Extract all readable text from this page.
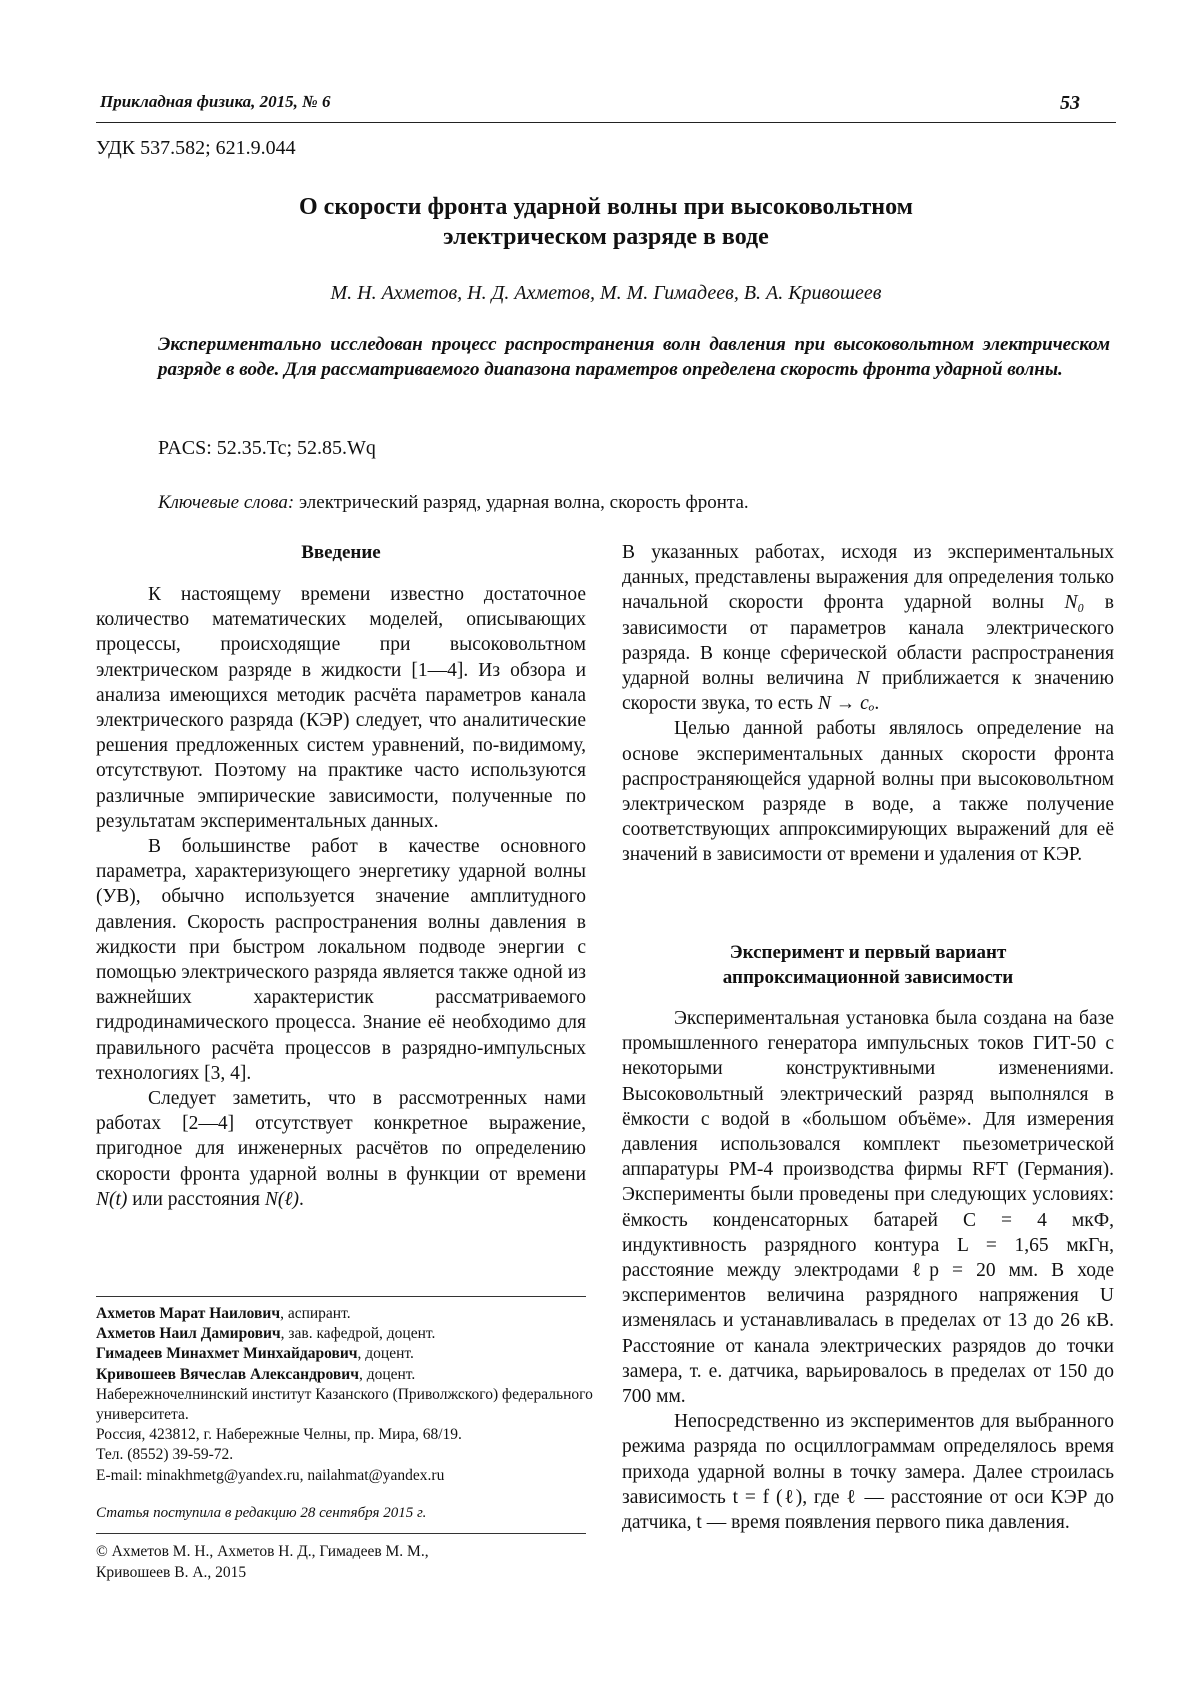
Прикладная физика, 2015, № 6	53
УДК 537.582; 621.9.044
О скорости фронта ударной волны при высоковольтном
электрическом разряде в воде
М. Н. Ахметов, Н. Д. Ахметов, М. М. Гимадеев, В. А. Кривошеев
Экспериментально исследован процесс распространения волн давления при высоковольтном электрическом разряде в воде. Для рассматриваемого диапазона параметров определена скорость фронта ударной волны.
PACS: 52.35.Tc; 52.85.Wq
Ключевые слова: электрический разряд, ударная волна, скорость фронта.
Введение

К настоящему времени известно достаточное количество математических моделей, описывающих процессы, происходящие при высоковольтном электрическом разряде в жидкости [1—4]. Из обзора и анализа имеющихся методик расчёта параметров канала электрического разряда (КЭР) следует, что аналитические решения предложенных систем уравнений, по-видимому, отсутствуют. Поэтому на практике часто используются различные эмпирические зависимости, полученные по результатам экспериментальных данных.

В большинстве работ в качестве основного параметра, характеризующего энергетику ударной волны (УВ), обычно используется значение амплитудного давления. Скорость распространения волны давления в жидкости при быстром локальном подводе энергии с помощью электрического разряда является также одной из важнейших характеристик рассматриваемого гидродинамического процесса. Знание её необходимо для правильного расчёта процессов в разрядно-импульсных технологиях [3, 4].

Следует заметить, что в рассмотренных нами работах [2—4] отсутствует конкретное выражение, пригодное для инженерных расчётов по определению скорости фронта ударной волны в функции от времени N(t) или расстояния N(ℓ).

Ахметов Марат Наилович, аспирант.
Ахметов Наил Дамирович, зав. кафедрой, доцент.
Гимадеев Минахмет Минхайдарович, доцент.
Кривошеев Вячеслав Александрович, доцент.
Набережночелнинский институт Казанского (Приволжского) федерального университета.
Россия, 423812, г. Набережные Челны, пр. Мира, 68/19.
Тел. (8552) 39-59-72.
E-mail: minakhmetg@yandex.ru, nailahmat@yandex.ru
Статья поступила в редакцию 28 сентября 2015 г.
© Ахметов М. Н., Ахметов Н. Д., Гимадеев М. М.,
Кривошеев В. А., 2015

В указанных работах, исходя из экспериментальных данных, представлены выражения для определения только начальной скорости фронта ударной волны N₀ в зависимости от параметров канала электрического разряда. В конце сферической области распространения ударной волны величина N приближается к значению скорости звука, то есть N → cₒ.

Целью данной работы являлось определение на основе экспериментальных данных скорости фронта распространяющейся ударной волны при высоковольтном электрическом разряде в воде, а также получение соответствующих аппроксимирующих выражений для её значений в зависимости от времени и удаления от КЭР.

Эксперимент и первый вариант
аппроксимационной зависимости

Экспериментальная установка была создана на базе промышленного генератора импульсных токов ГИТ-50 с некоторыми конструктивными изменениями. Высоковольтный электрический разряд выполнялся в ёмкости с водой в «большом объёме». Для измерения давления использовался комплект пьезометрической аппаратуры PM-4 производства фирмы RFT (Германия). Эксперименты были проведены при следующих условиях: ёмкость конденсаторных батарей C = 4 мкФ, индуктивность разрядного контура L = 1,65 мкГн, расстояние между электродами ℓp = 20 мм. В ходе экспериментов величина разрядного напряжения U изменялась и устанавливалась в пределах от 13 до 26 кВ. Расстояние от канала электрических разрядов до точки замера, т. е. датчика, варьировалось в пределах от 150 до 700 мм.

Непосредственно из экспериментов для выбранного режима разряда по осциллограммам определялось время прихода ударной волны в точку замера. Далее строилась зависимость t = f (ℓ), где ℓ — расстояние от оси КЭР до датчика, t — время появления первого пика давления.
